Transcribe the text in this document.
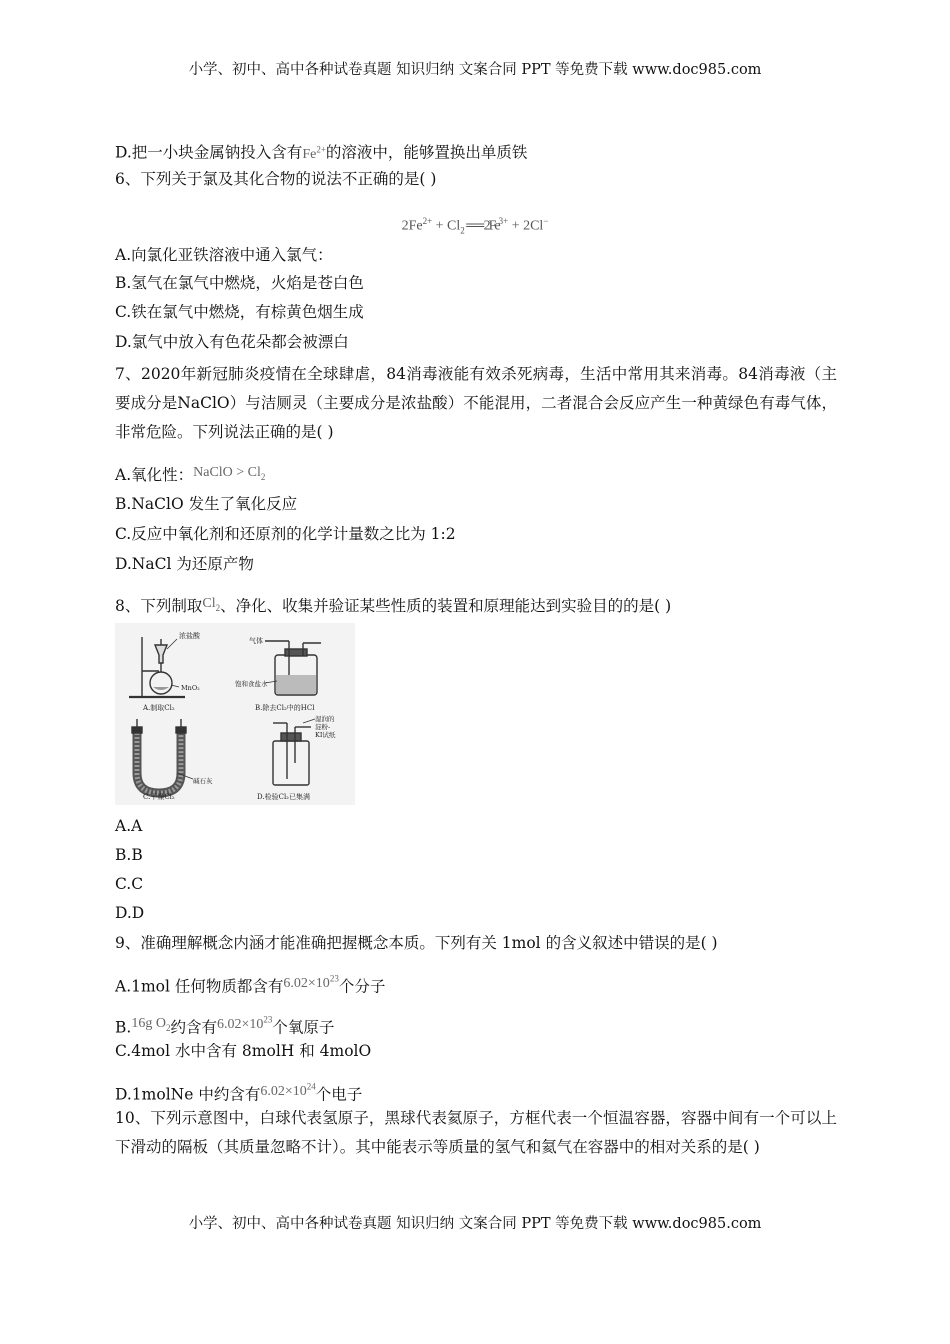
小学、初中、高中各种试卷真题 知识归纳 文案合同 PPT 等免费下载 www.doc985.com
D.把一小块金属钠投入含有$Fe^{2+}$的溶液中，能够置换出单质铁
6、下列关于氯及其化合物的说法不正确的是( )
$2Fe^{2+} + Cl_2$ ══ $2Fe^{3+} + 2Cl^-$
A.向氯化亚铁溶液中通入氯气：
B.氢气在氯气中燃烧，火焰是苍白色
C.铁在氯气中燃烧，有棕黄色烟生成
D.氯气中放入有色花朵都会被漂白
7、2020年新冠肺炎疫情在全球肆虐，84消毒液能有效杀死病毒，生活中常用其来消毒。84消毒液（主要成分是NaClO）与洁厕灵（主要成分是浓盐酸）不能混用，二者混合会反应产生一种黄绿色有毒气体，非常危险。下列说法正确的是( )
A.氧化性：NaClO > $Cl_2$
B.NaClO 发生了氧化反应
C.反应中氧化剂和还原剂的化学计量数之比为 1:2
D.NaCl 为还原产物
8、下列制取$Cl_2$、净化、收集并验证某些性质的装置和原理能达到实验目的的是( )
浓盐酸
MnO₂
A.制取Cl₂
气体
饱和食盐水
B.除去Cl₂中的HCl
碱石灰
C.干燥Cl₂
湿润的
淀粉-
KI试纸
D.检验Cl₂已集满
A.A
B.B
C.C
D.D
9、准确理解概念内涵才能准确把握概念本质。下列有关 1mol 的含义叙述中错误的是( )
A.1mol 任何物质都含有$6.02\times 10^{23}$个分子
B.16g $O_2$约含有$6.02\times 10^{23}$个氧原子
C.4mol 水中含有 8molH 和 4molO
D.1molNe 中约含有$6.02\times 10^{24}$个电子
10、下列示意图中，白球代表氢原子，黑球代表氦原子，方框代表一个恒温容器，容器中间有一个可以上下滑动的隔板（其质量忽略不计）。其中能表示等质量的氢气和氦气在容器中的相对关系的是( )
小学、初中、高中各种试卷真题 知识归纳 文案合同 PPT 等免费下载 www.doc985.com
